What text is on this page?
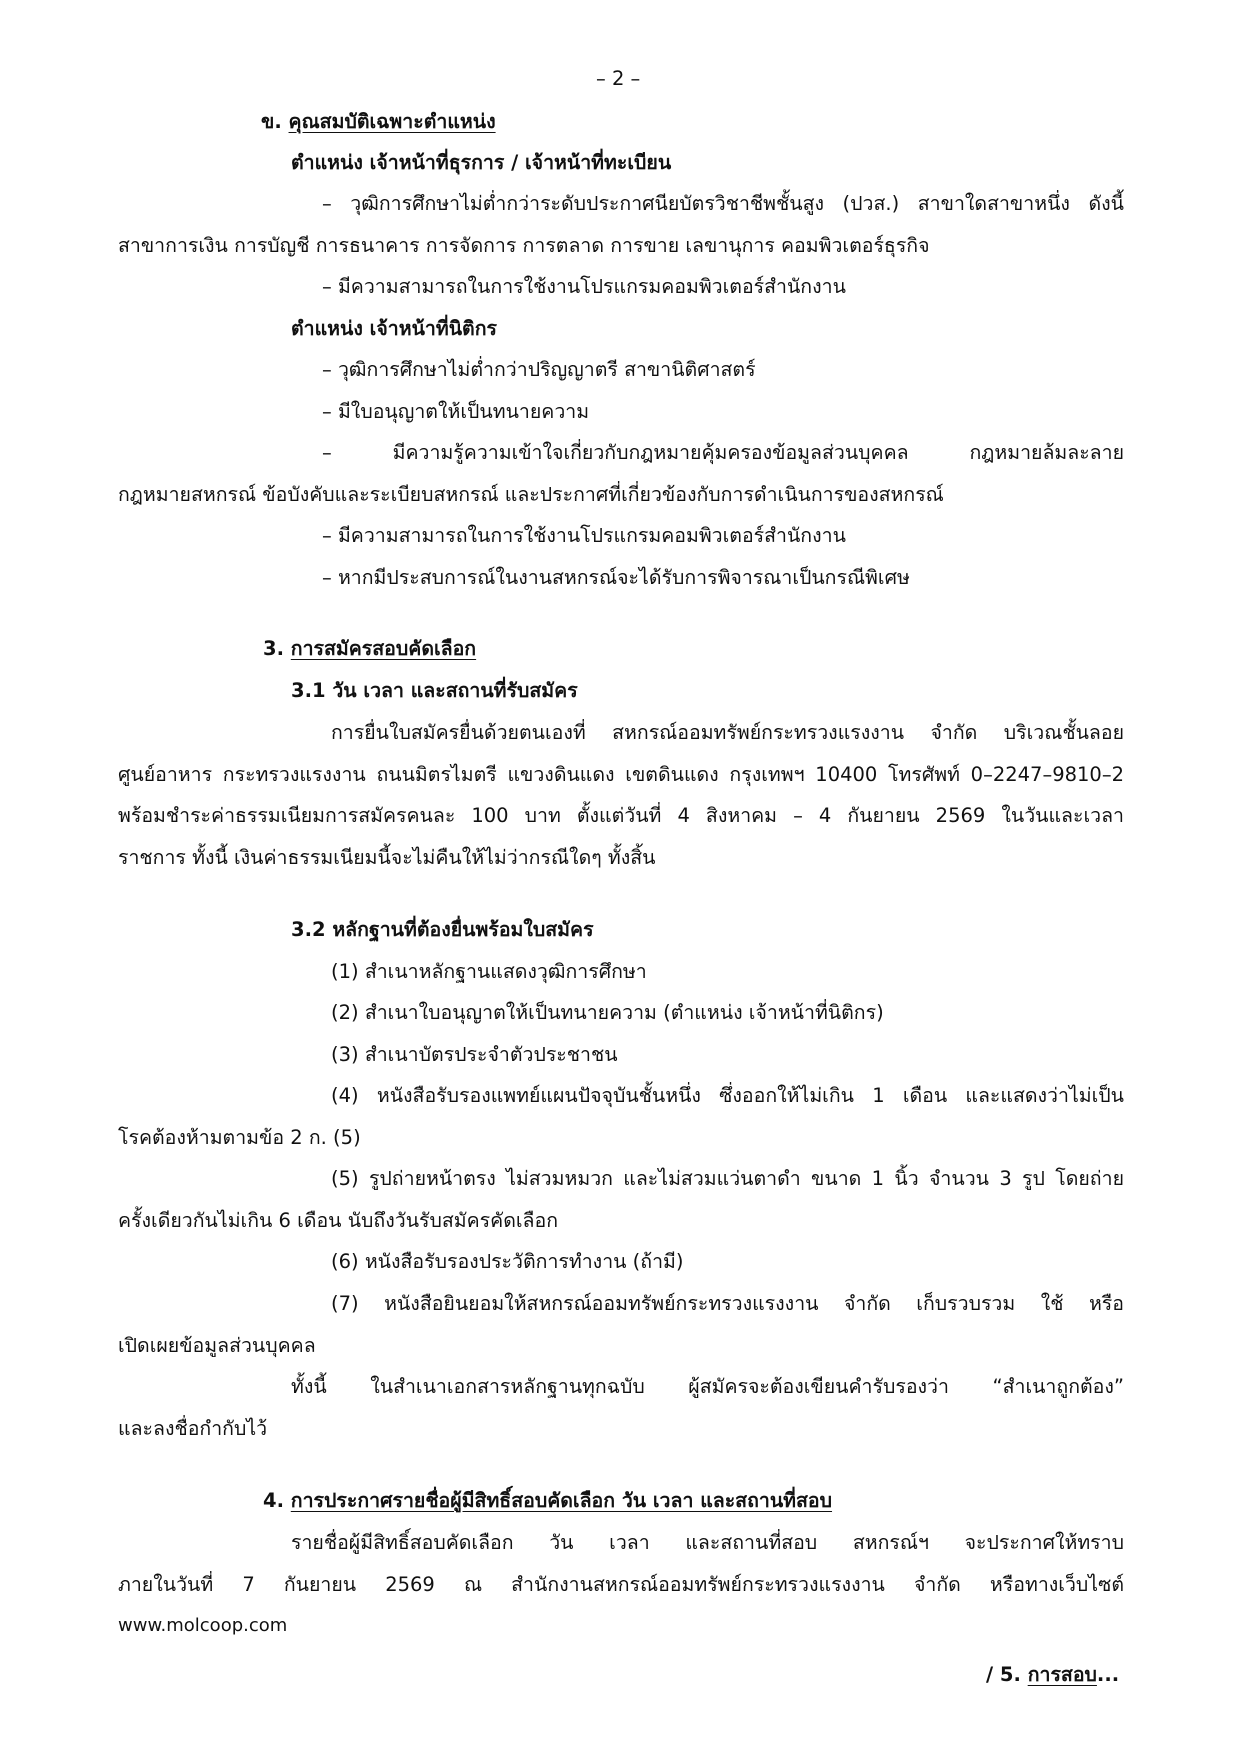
– 2 –
ข. คุณสมบัติเฉพาะตำแหน่ง
ตำแหน่ง เจ้าหน้าที่ธุรการ / เจ้าหน้าที่ทะเบียน
– วุฒิการศึกษาไม่ต่ำกว่าระดับประกาศนียบัตรวิชาชีพชั้นสูง (ปวส.) สาขาใดสาขาหนึ่ง ดังนี้
สาขาการเงิน การบัญชี การธนาคาร การจัดการ การตลาด การขาย เลขานุการ คอมพิวเตอร์ธุรกิจ
– มีความสามารถในการใช้งานโปรแกรมคอมพิวเตอร์สำนักงาน
ตำแหน่ง เจ้าหน้าที่นิติกร
– วุฒิการศึกษาไม่ต่ำกว่าปริญญาตรี สาขานิติศาสตร์
– มีใบอนุญาตให้เป็นทนายความ
– มีความรู้ความเข้าใจเกี่ยวกับกฎหมายคุ้มครองข้อมูลส่วนบุคคล กฎหมายล้มละลาย
กฎหมายสหกรณ์ ข้อบังคับและระเบียบสหกรณ์ และประกาศที่เกี่ยวข้องกับการดำเนินการของสหกรณ์
– มีความสามารถในการใช้งานโปรแกรมคอมพิวเตอร์สำนักงาน
– หากมีประสบการณ์ในงานสหกรณ์จะได้รับการพิจารณาเป็นกรณีพิเศษ
3. การสมัครสอบคัดเลือก
3.1 วัน เวลา และสถานที่รับสมัคร
การยื่นใบสมัครยื่นด้วยตนเองที่ สหกรณ์ออมทรัพย์กระทรวงแรงงาน จำกัด บริเวณชั้นลอย
ศูนย์อาหาร กระทรวงแรงงาน ถนนมิตรไมตรี แขวงดินแดง เขตดินแดง กรุงเทพฯ 10400 โทรศัพท์ 0–2247–9810–2
พร้อมชำระค่าธรรมเนียมการสมัครคนละ 100 บาท ตั้งแต่วันที่ 4 สิงหาคม – 4 กันยายน 2569 ในวันและเวลา
ราชการ ทั้งนี้ เงินค่าธรรมเนียมนี้จะไม่คืนให้ไม่ว่ากรณีใดๆ ทั้งสิ้น
3.2 หลักฐานที่ต้องยื่นพร้อมใบสมัคร
(1) สำเนาหลักฐานแสดงวุฒิการศึกษา
(2) สำเนาใบอนุญาตให้เป็นทนายความ (ตำแหน่ง เจ้าหน้าที่นิติกร)
(3) สำเนาบัตรประจำตัวประชาชน
(4) หนังสือรับรองแพทย์แผนปัจจุบันชั้นหนึ่ง ซึ่งออกให้ไม่เกิน 1 เดือน และแสดงว่าไม่เป็น
โรคต้องห้ามตามข้อ 2 ก. (5)
(5) รูปถ่ายหน้าตรง ไม่สวมหมวก และไม่สวมแว่นตาดำ ขนาด 1 นิ้ว จำนวน 3 รูป โดยถ่าย
ครั้งเดียวกันไม่เกิน 6 เดือน นับถึงวันรับสมัครคัดเลือก
(6) หนังสือรับรองประวัติการทำงาน (ถ้ามี)
(7) หนังสือยินยอมให้สหกรณ์ออมทรัพย์กระทรวงแรงงาน จำกัด เก็บรวบรวม ใช้ หรือ
เปิดเผยข้อมูลส่วนบุคคล
ทั้งนี้ ในสำเนาเอกสารหลักฐานทุกฉบับ ผู้สมัครจะต้องเขียนคำรับรองว่า “สำเนาถูกต้อง”
และลงชื่อกำกับไว้
4. การประกาศรายชื่อผู้มีสิทธิ์สอบคัดเลือก วัน เวลา และสถานที่สอบ
รายชื่อผู้มีสิทธิ์สอบคัดเลือก วัน เวลา และสถานที่สอบ สหกรณ์ฯ จะประกาศให้ทราบ
ภายในวันที่ 7 กันยายน 2569 ณ สำนักงานสหกรณ์ออมทรัพย์กระทรวงแรงงาน จำกัด หรือทางเว็บไซต์
www.molcoop.com
/ 5. การสอบ...
